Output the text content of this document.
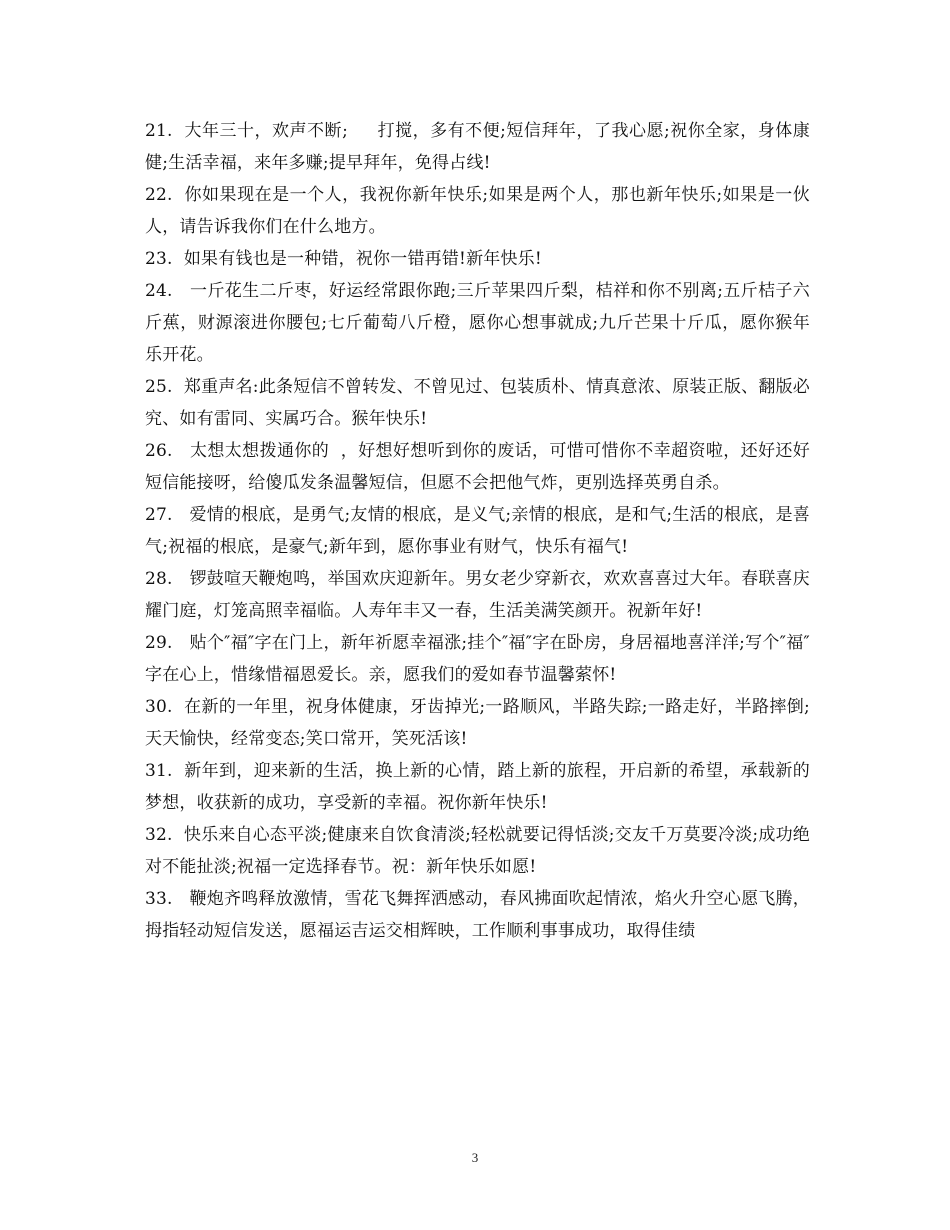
21.  大年三十，欢声不断;     打搅，多有不便;短信拜年，了我心愿;祝你全家，身体康健;生活幸福，来年多赚;提早拜年，免得占线!

22.  你如果现在是一个人，我祝你新年快乐;如果是两个人，那也新年快乐;如果是一伙人，请告诉我你们在什么地方。

23.  如果有钱也是一种错，祝你一错再错!新年快乐!

24.   一斤花生二斤枣，好运经常跟你跑;三斤苹果四斤梨，桔祥和你不别离;五斤桔子六斤蕉，财源滚进你腰包;七斤葡萄八斤橙，愿你心想事就成;九斤芒果十斤瓜，愿你猴年乐开花。

25.  郑重声名:此条短信不曾转发、不曾见过、包装质朴、情真意浓、原装正版、翻版必究、如有雷同、实属巧合。猴年快乐!

26.   太想太想拨通你的  ，好想好想听到你的废话，可惜可惜你不幸超资啦，还好还好短信能接呀，给傻瓜发条温馨短信，但愿不会把他气炸，更别选择英勇自杀。

27.   爱情的根底，是勇气;友情的根底，是义气;亲情的根底，是和气;生活的根底，是喜气;祝福的根底，是豪气;新年到，愿你事业有财气，快乐有福气!

28.   锣鼓喧天鞭炮鸣，举国欢庆迎新年。男女老少穿新衣，欢欢喜喜过大年。春联喜庆耀门庭，灯笼高照幸福临。人寿年丰又一春，生活美满笑颜开。祝新年好!

29.   贴个″福″字在门上，新年祈愿幸福涨;挂个″福″字在卧房，身居福地喜洋洋;写个″福″字在心上，惜缘惜福恩爱长。亲，愿我们的爱如春节温馨萦怀!

30.  在新的一年里，祝身体健康，牙齿掉光;一路顺风，半路失踪;一路走好，半路摔倒;天天愉快，经常变态;笑口常开，笑死活该!

31.  新年到，迎来新的生活，换上新的心情，踏上新的旅程，开启新的希望，承载新的梦想，收获新的成功，享受新的幸福。祝你新年快乐!

32.  快乐来自心态平淡;健康来自饮食清淡;轻松就要记得恬淡;交友千万莫要冷淡;成功绝对不能扯淡;祝福一定选择春节。祝：新年快乐如愿!

33.   鞭炮齐鸣释放激情，雪花飞舞挥洒感动，春风拂面吹起情浓，焰火升空心愿飞腾，拇指轻动短信发送，愿福运吉运交相辉映，工作顺利事事成功，取得佳绩

3
